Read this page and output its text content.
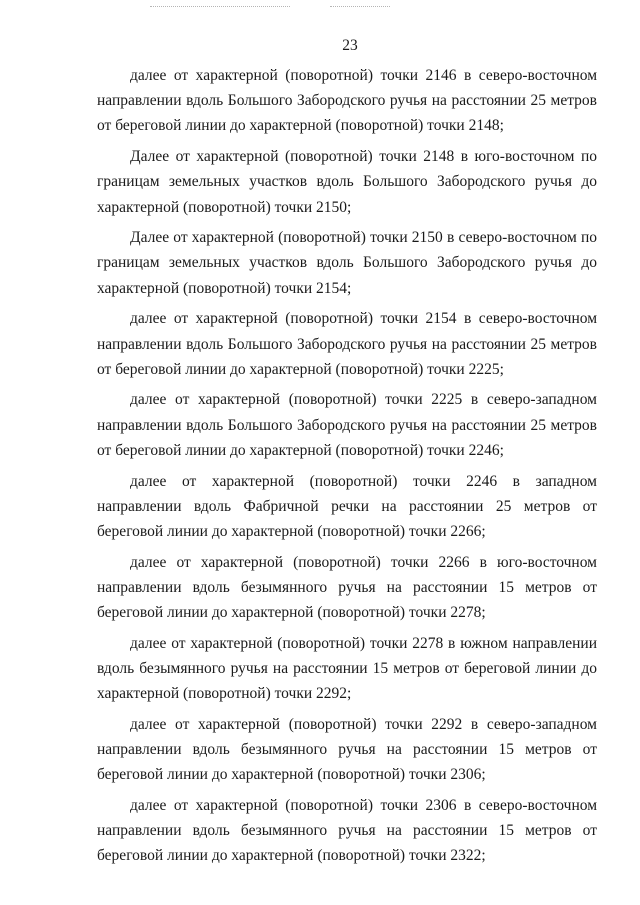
23

далее от характерной (поворотной) точки 2146 в северо-восточном направлении вдоль Большого Забородского ручья на расстоянии 25 метров от береговой линии до характерной (поворотной) точки 2148;

Далее от характерной (поворотной) точки 2148 в юго-восточном по границам земельных участков вдоль Большого Забородского ручья до характерной (поворотной) точки 2150;

Далее от характерной (поворотной) точки 2150 в северо-восточном по границам земельных участков вдоль Большого Забородского ручья до характерной (поворотной) точки 2154;

далее от характерной (поворотной) точки 2154 в северо-восточном направлении вдоль Большого Забородского ручья на расстоянии 25 метров от береговой линии до характерной (поворотной) точки 2225;

далее от характерной (поворотной) точки 2225 в северо-западном направлении вдоль Большого Забородского ручья на расстоянии 25 метров от береговой линии до характерной (поворотной) точки 2246;

далее от характерной (поворотной) точки 2246 в западном направлении вдоль Фабричной речки на расстоянии 25 метров от береговой линии до характерной (поворотной) точки 2266;

далее от характерной (поворотной) точки 2266 в юго-восточном направлении вдоль безымянного ручья на расстоянии 15 метров от береговой линии до характерной (поворотной) точки 2278;

далее от характерной (поворотной) точки 2278 в южном направлении вдоль безымянного ручья на расстоянии 15 метров от береговой линии до характерной (поворотной) точки 2292;

далее от характерной (поворотной) точки 2292 в северо-западном направлении вдоль безымянного ручья на расстоянии 15 метров от береговой линии до характерной (поворотной) точки 2306;

далее от характерной (поворотной) точки 2306 в северо-восточном направлении вдоль безымянного ручья на расстоянии 15 метров от береговой линии до характерной (поворотной) точки 2322;
